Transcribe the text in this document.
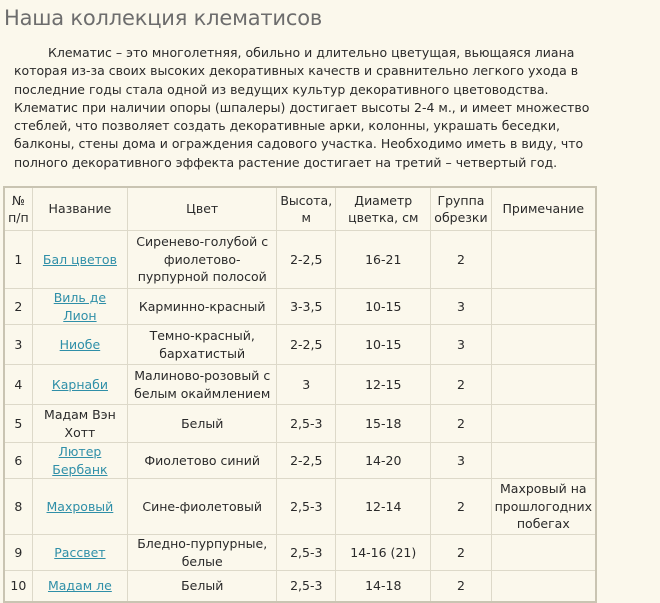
Наша коллекция клематисов

Клематис – это многолетняя, обильно и длительно цветущая, вьющаяся лиана которая из-за своих высоких декоративных качеств и сравнительно легкого ухода в последние годы стала одной из ведущих культур декоративного цветоводства. Клематис при наличии опоры (шпалеры) достигает высоты 2-4 м., и имеет множество стеблей, что позволяет создать декоративные арки, колонны, украшать беседки, балконы, стены дома и ограждения садового участка. Необходимо иметь в виду, что полного декоративного эффекта растение достигает на третий – четвертый год.

№ п/п	Название	Цвет	Высота, м	Диаметр цветка, см	Группа обрезки	Примечание
1	Бал цветов	Сиренево-голубой с фиолетово-пурпурной полосой	2-2,5	16-21	2	
2	Виль де Лион	Карминно-красный	3-3,5	10-15	3	
3	Ниобе	Темно-красный, бархатистый	2-2,5	10-15	3	
4	Карнаби	Малиново-розовый с белым окаймлением	3	12-15	2	
5	Мадам Вэн Хотт	Белый	2,5-3	15-18	2	
6	Лютер Бербанк	Фиолетово синий	2-2,5	14-20	3	
8	Махровый	Сине-фиолетовый	2,5-3	12-14	2	Махровый на прошлогодних побегах
9	Рассвет	Бледно-пурпурные, белые	2,5-3	14-16 (21)	2	
10	Мадам ле	Белый	2,5-3	14-18	2	
